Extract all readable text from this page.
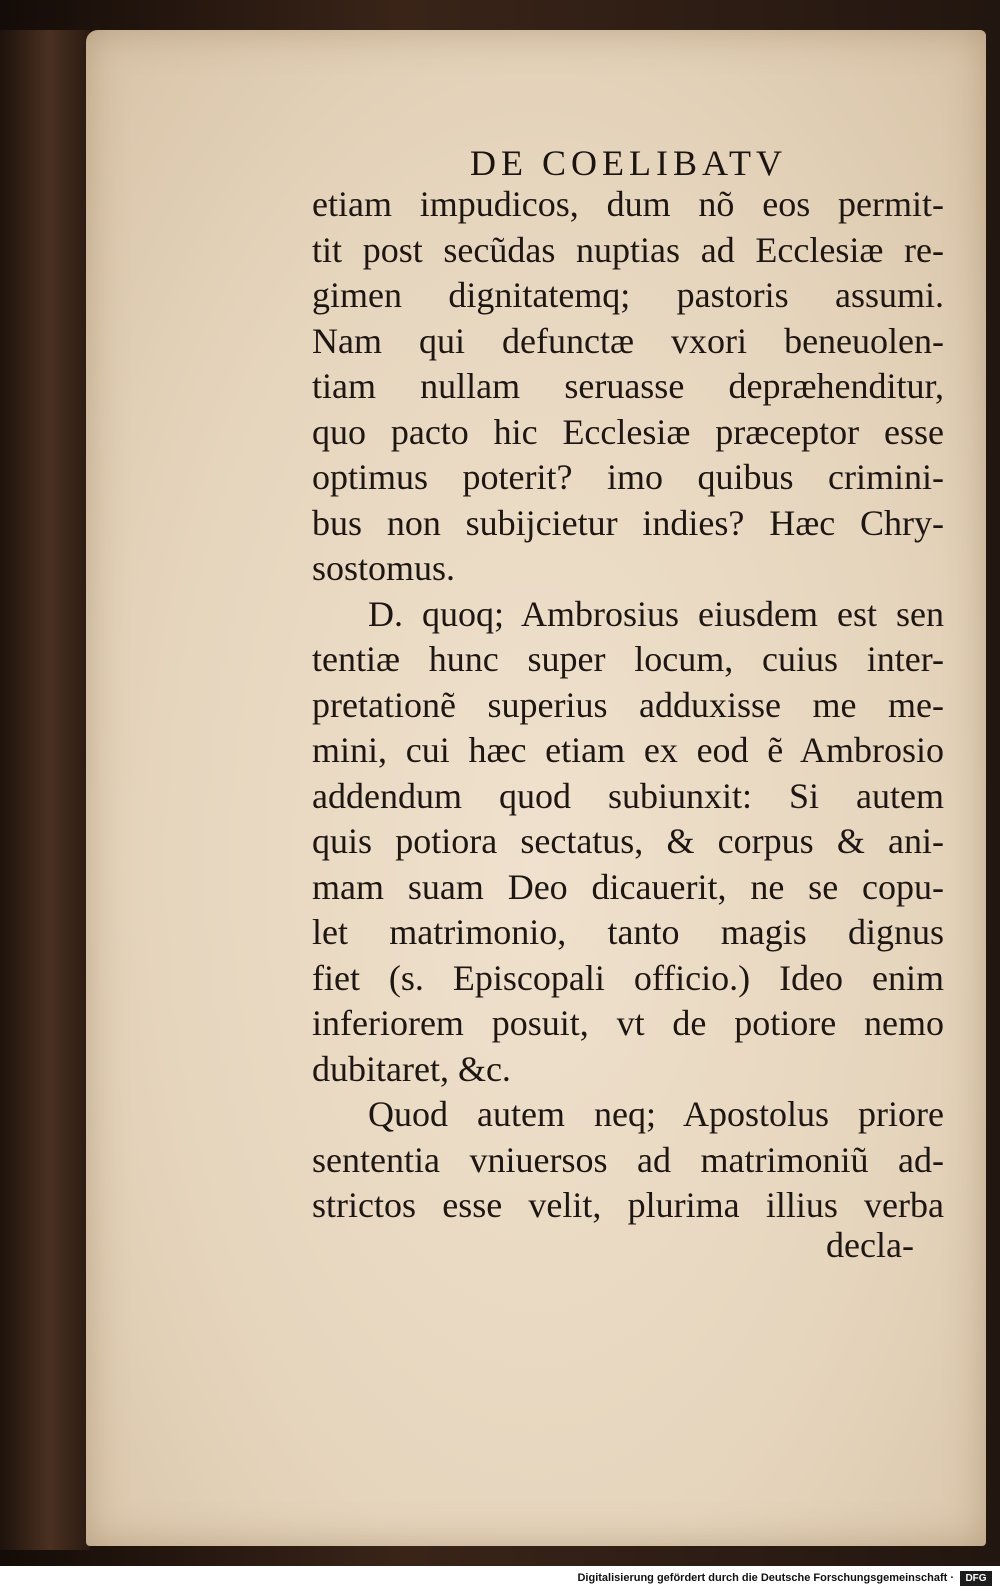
DE COELIBATV
etiam impudicos, dum nõ eos permit-
tit post secũdas nuptias ad Ecclesiæ re-
gimen dignitatemq; pastoris assumi.
Nam qui defunctæ vxori beneuolen-
tiam nullam seruasse depræhenditur,
quo pacto hic Ecclesiæ præceptor esse
optimus poterit? imo quibus crimini-
bus non subijcietur indies? Hæc Chry-
sostomus.
D. quoq; Ambrosius eiusdem est sen
tentiæ hunc super locum, cuius inter-
pretationẽ superius adduxisse me me-
mini, cui hæc etiam ex eod ẽ Ambrosio
addendum quod subiunxit: Si autem
quis potiora sectatus, & corpus & ani-
mam suam Deo dicauerit, ne se copu-
let matrimonio, tanto magis dignus
fiet (s. Episcopali officio.) Ideo enim
inferiorem posuit, vt de potiore nemo
dubitaret, &c.
Quod autem neq; Apostolus priore
sententia vniuersos ad matrimoniũ ad-
strictos esse velit, plurima illius verba
decla-
Digitalisierung gefördert durch die Deutsche Forschungsgemeinschaft ·	DFG
